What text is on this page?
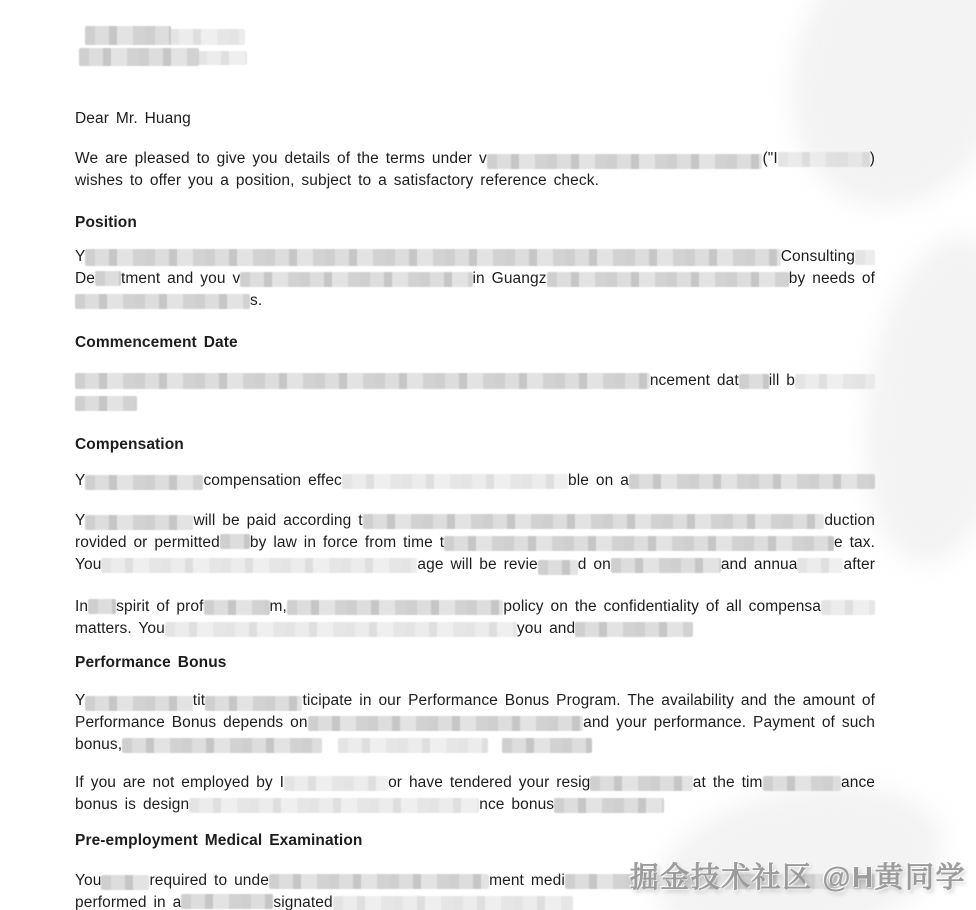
Dear Mr. Huang
We are pleased to give you details of the terms under v	("I	)
wishes to offer you a position, subject to a satisfactory reference check.
Position
Y	Consulting
De tment and you v	in Guangz	by needs of
s.
Commencement Date
ncement dat ill b
Compensation
Y	compensation effec	ble on a
Y	will be paid according t	duction
rovided or permitted by law in force from time t	e tax.
You	age will be revie	d on	and annua	after
In spirit of prof	m,	policy on the confidentiality of all compensa
matters. You	you and
Performance Bonus
Y	tit	ticipate in our Performance Bonus Program. The availability and the amount of
Performance Bonus depends on	and your performance. Payment of such
bonus,
If you are not employed by I	or have tendered your resig	at the tim	ance
bonus is design	nce bonus
Pre-employment Medical Examination
You	required to unde	ment medi
performed in a	signated
掘金技术社区 @H黄同学
